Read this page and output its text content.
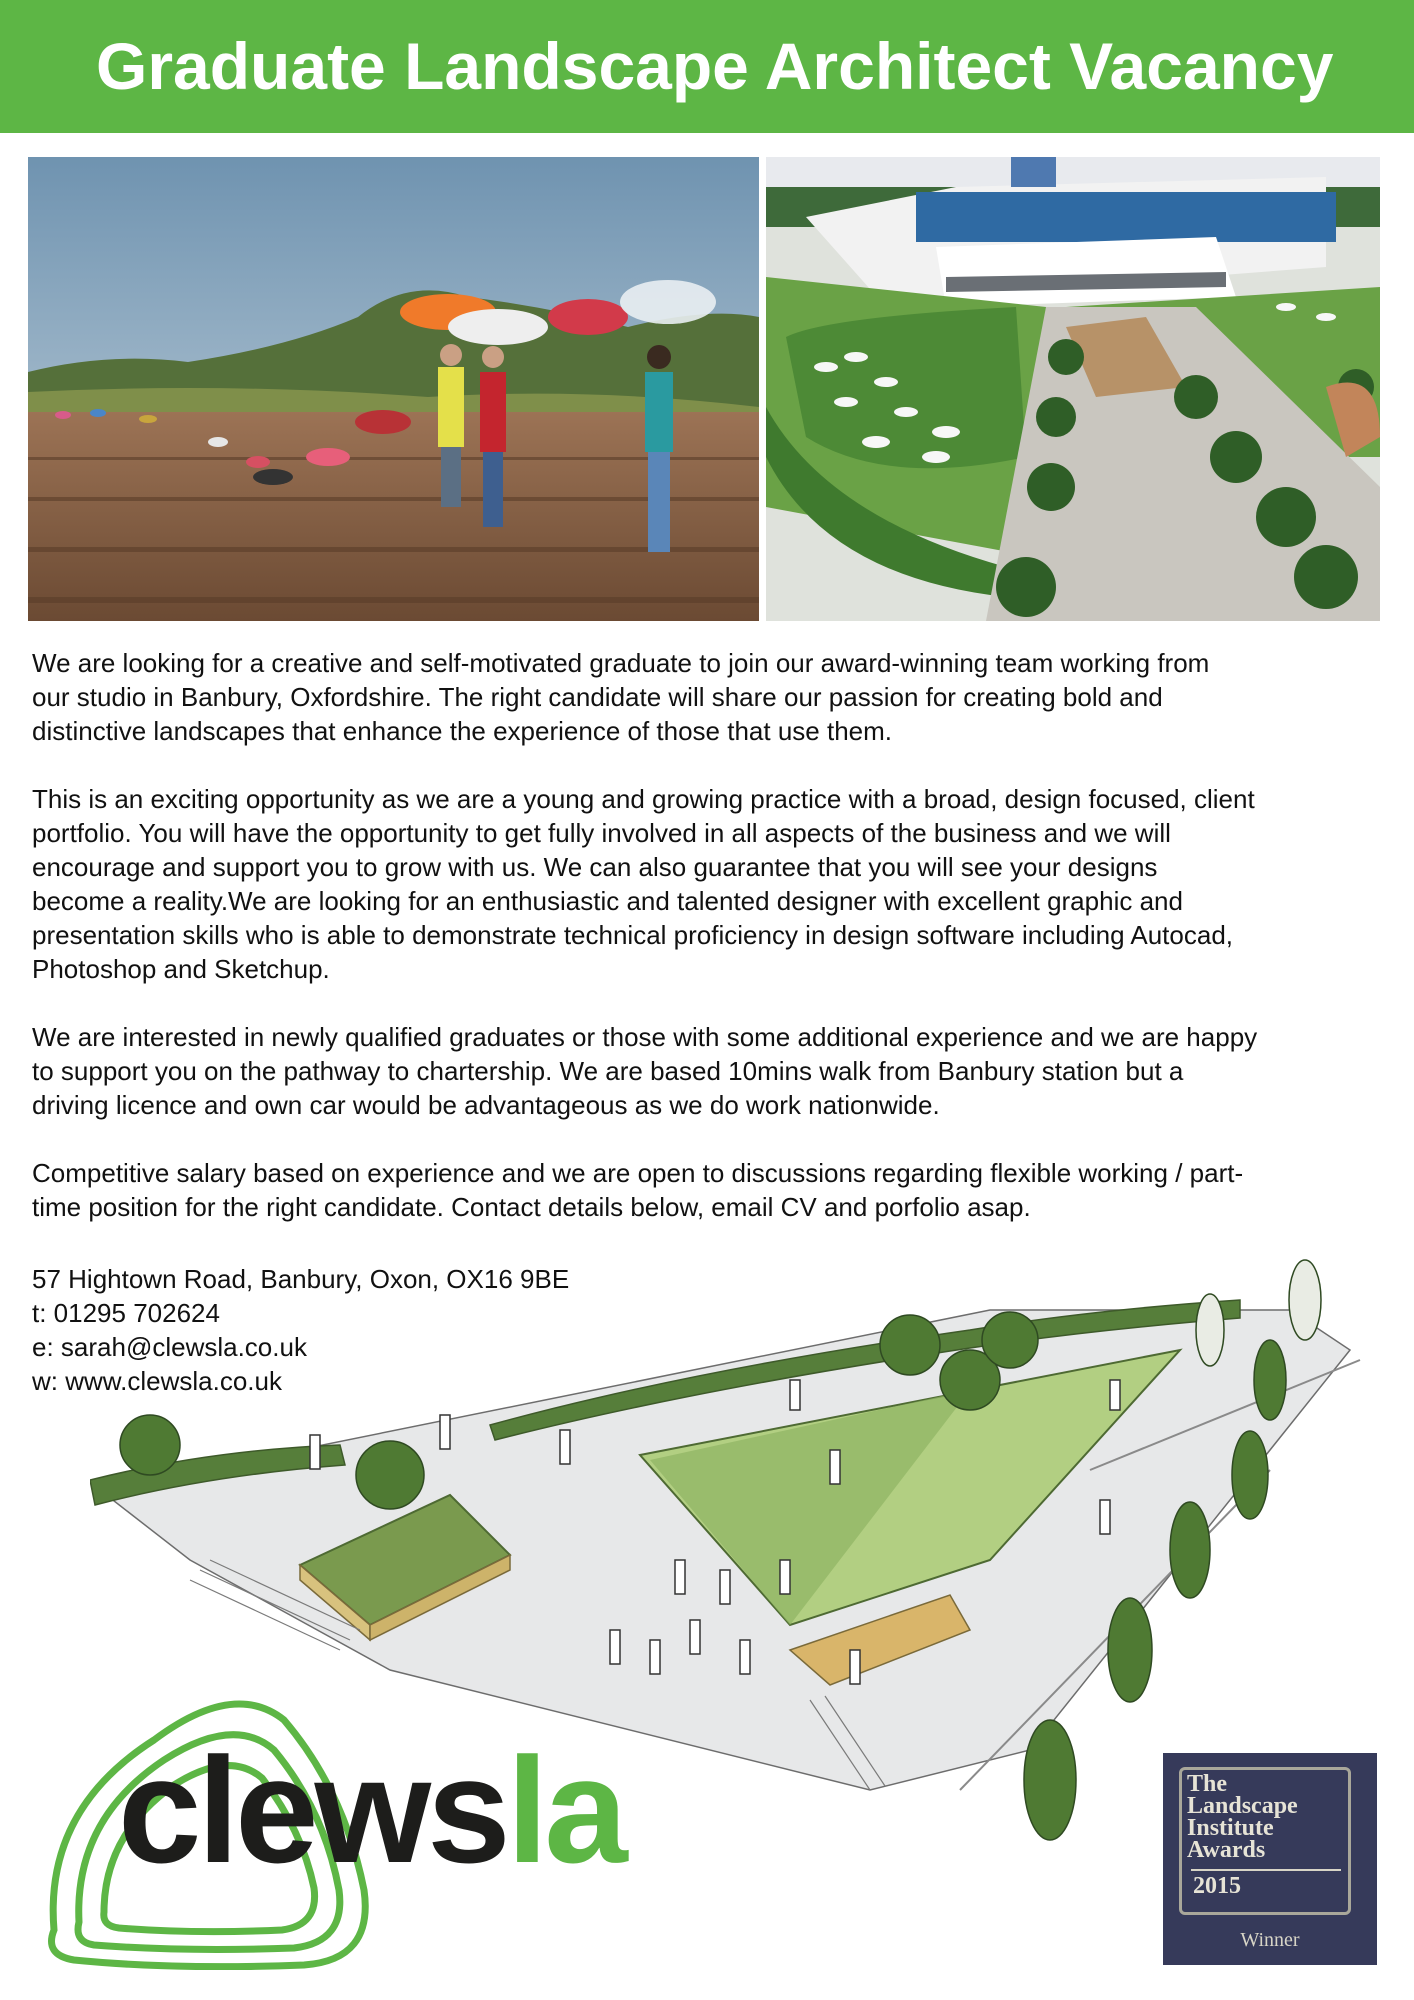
Graduate Landscape Architect Vacancy

We are looking for a creative and self-motivated graduate to join our award-winning team working from
our studio in Banbury, Oxfordshire. The right candidate will share our passion for creating bold and
distinctive landscapes that enhance the experience of those that use them.

This is an exciting opportunity as we are a young and growing practice with a broad, design focused, client
portfolio. You will have the opportunity to get fully involved in all aspects of the business and we will
encourage and support you to grow with us. We can also guarantee that you will see your designs
become a reality.We are looking for an enthusiastic and talented designer with excellent graphic and
presentation skills who is able to demonstrate technical proficiency in design software including Autocad,
Photoshop and Sketchup.

We are interested in newly qualified graduates or those with some additional experience and we are happy
to support you on the pathway to chartership. We are based 10mins walk from Banbury station but a
driving licence and own car would be advantageous as we do work nationwide.

Competitive salary based on experience and we are open to discussions regarding flexible working / part-
time position for the right candidate. Contact details below, email CV and porfolio asap.

57 Hightown Road, Banbury, Oxon, OX16 9BE
t: 01295 702624
e: sarah@clewsla.co.uk
w: www.clewsla.co.uk
clewsla	The
Landscape
Institute
Awards
2015
Winner
